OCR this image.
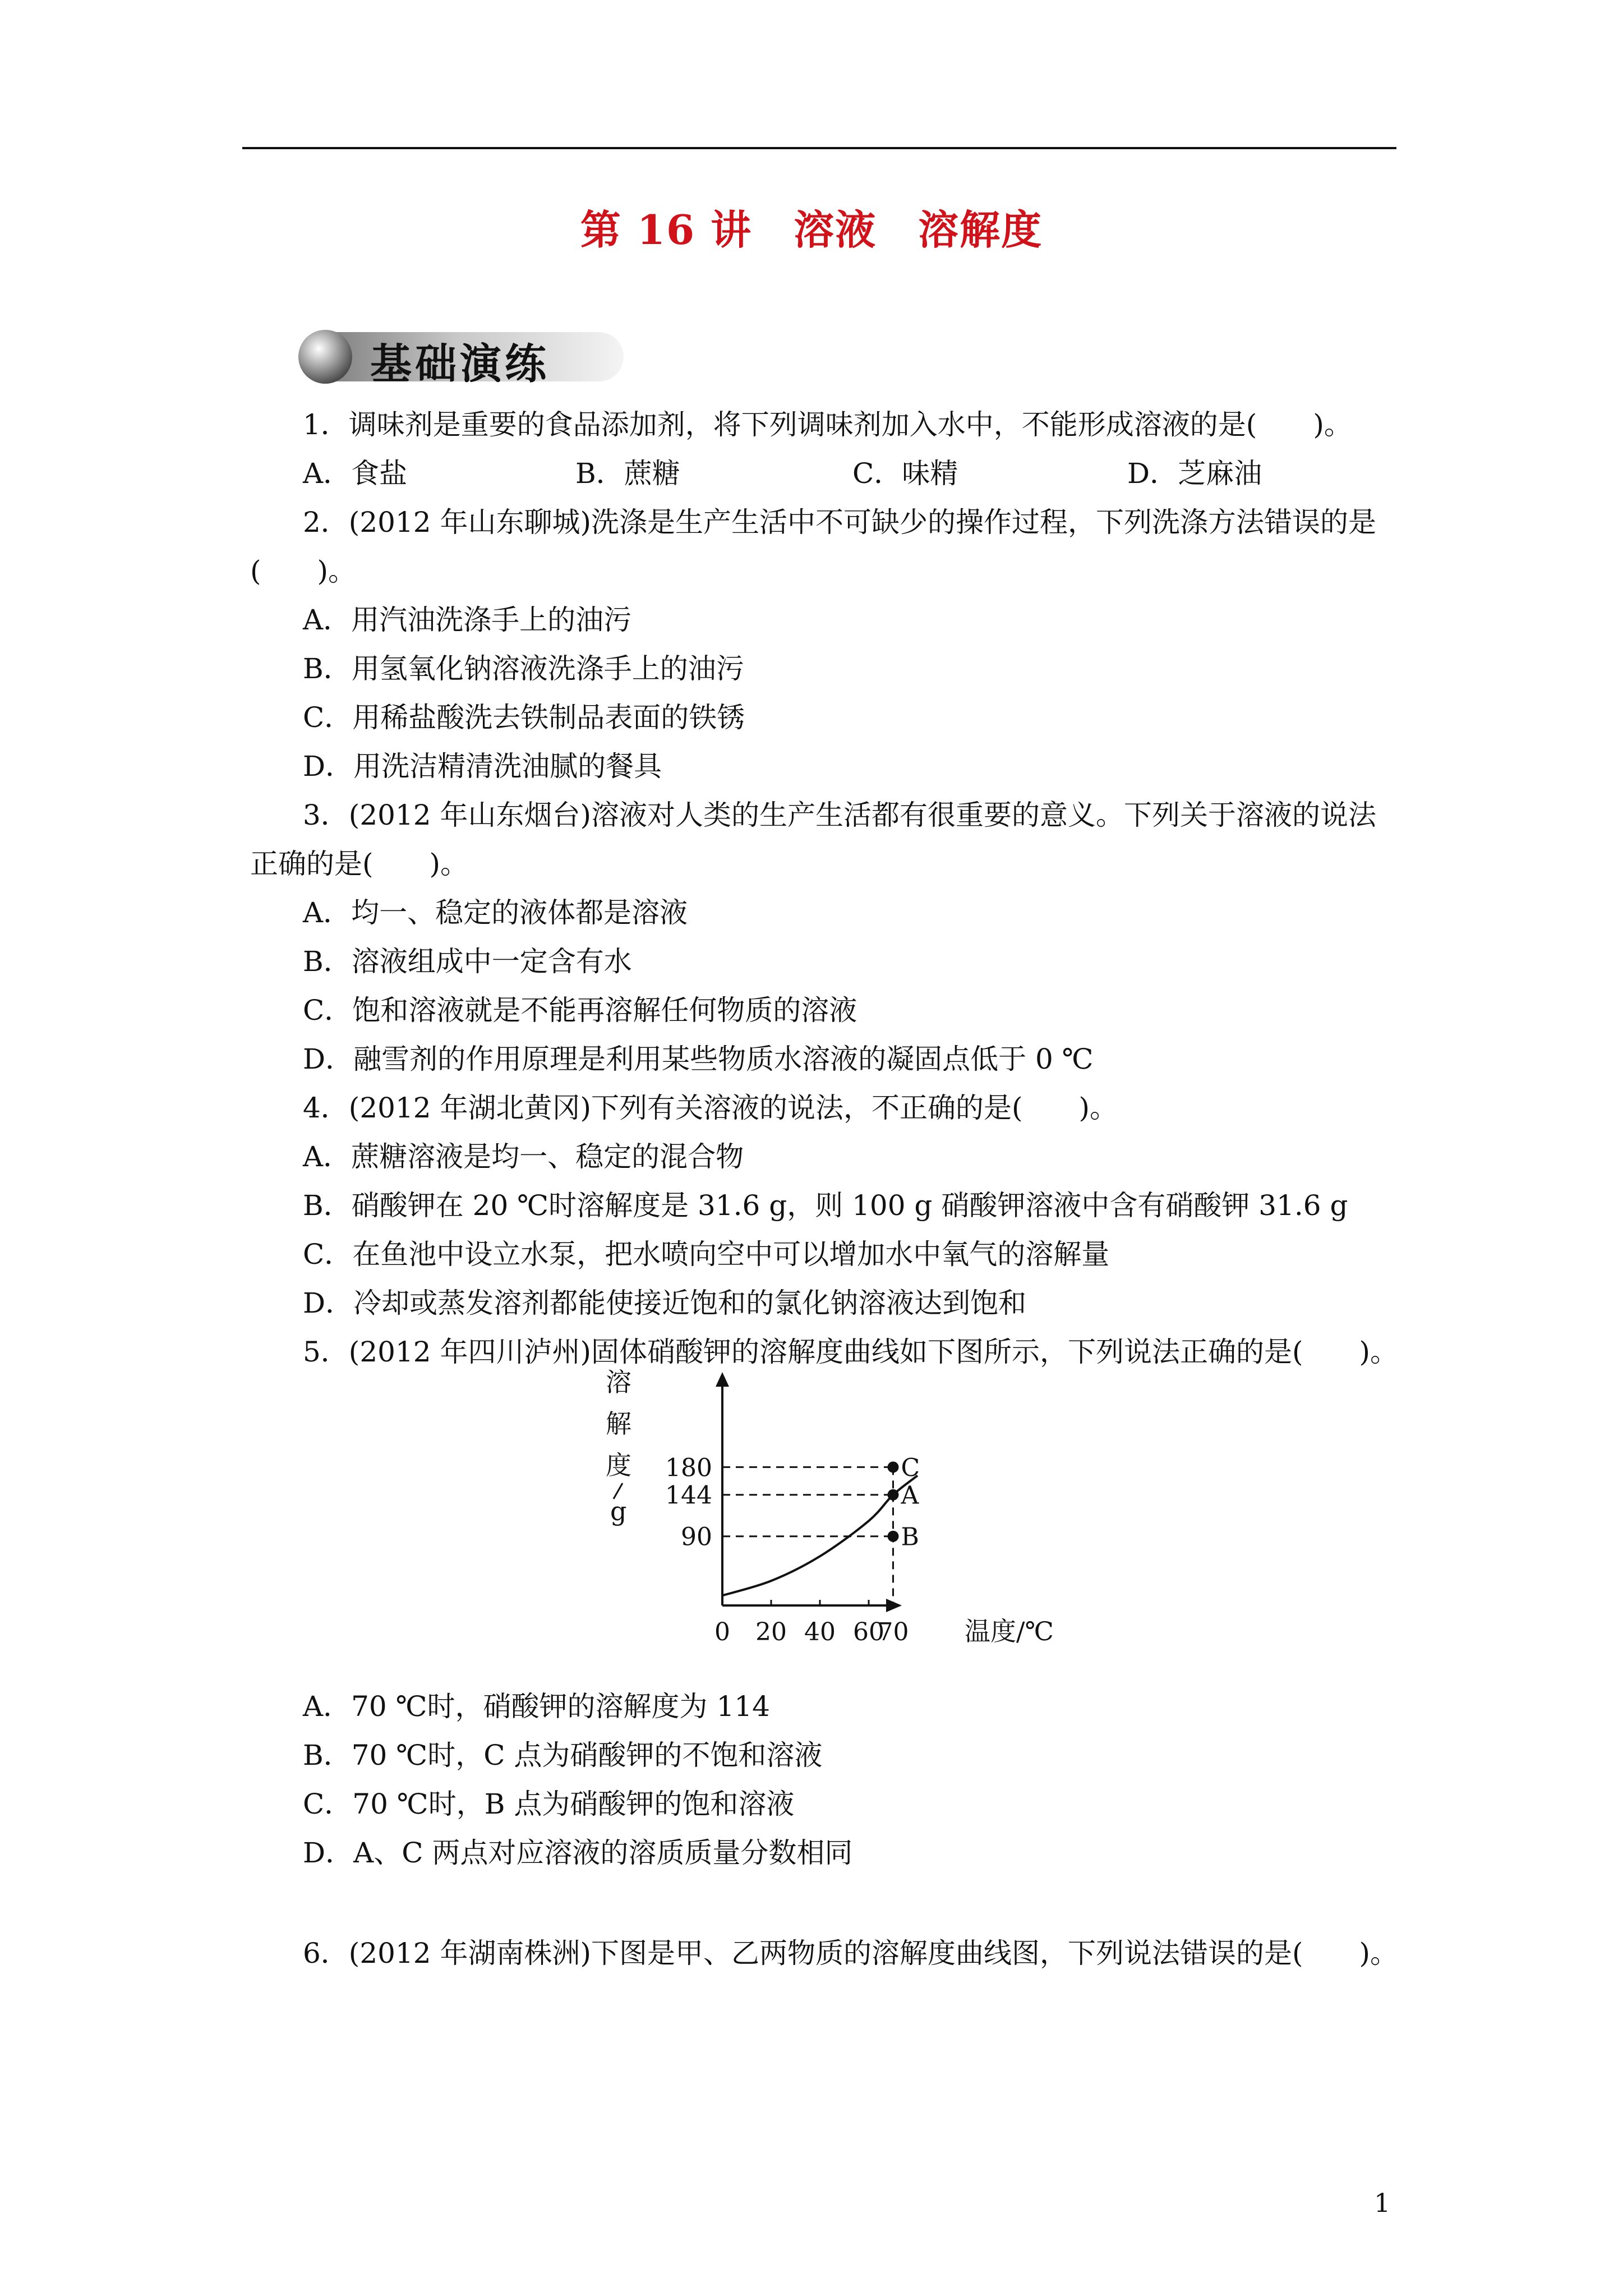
第 16 讲　溶液　溶解度
基础演练
1．调味剂是重要的食品添加剂，将下列调味剂加入水中，不能形成溶液的是(　　)。
A．食盐	B．蔗糖	C．味精	D．芝麻油
2．(2012 年山东聊城)洗涤是生产生活中不可缺少的操作过程，下列洗涤方法错误的是
(　　)。
A．用汽油洗涤手上的油污
B．用氢氧化钠溶液洗涤手上的油污
C．用稀盐酸洗去铁制品表面的铁锈
D．用洗洁精清洗油腻的餐具
3．(2012 年山东烟台)溶液对人类的生产生活都有很重要的意义。下列关于溶液的说法
正确的是(　　)。
A．均一、稳定的液体都是溶液
B．溶液组成中一定含有水
C．饱和溶液就是不能再溶解任何物质的溶液
D．融雪剂的作用原理是利用某些物质水溶液的凝固点低于 0 ℃
4．(2012 年湖北黄冈)下列有关溶液的说法，不正确的是(　　)。
A．蔗糖溶液是均一、稳定的混合物
B．硝酸钾在 20 ℃时溶解度是 31.6 g，则 100 g 硝酸钾溶液中含有硝酸钾 31.6 g
C．在鱼池中设立水泵，把水喷向空中可以增加水中氧气的溶解量
D．冷却或蒸发溶剂都能使接近饱和的氯化钠溶液达到饱和
5．(2012 年四川泸州)固体硝酸钾的溶解度曲线如下图所示，下列说法正确的是(　　)。
0 20 40 60
70 温度/℃
溶
解
度
g
180
144
90
C
A
B
A．70 ℃时，硝酸钾的溶解度为 114
B．70 ℃时，C 点为硝酸钾的不饱和溶液
C．70 ℃时，B 点为硝酸钾的饱和溶液
D．A、C 两点对应溶液的溶质质量分数相同
6．(2012 年湖南株洲)下图是甲、乙两物质的溶解度曲线图，下列说法错误的是(　　)。
1
